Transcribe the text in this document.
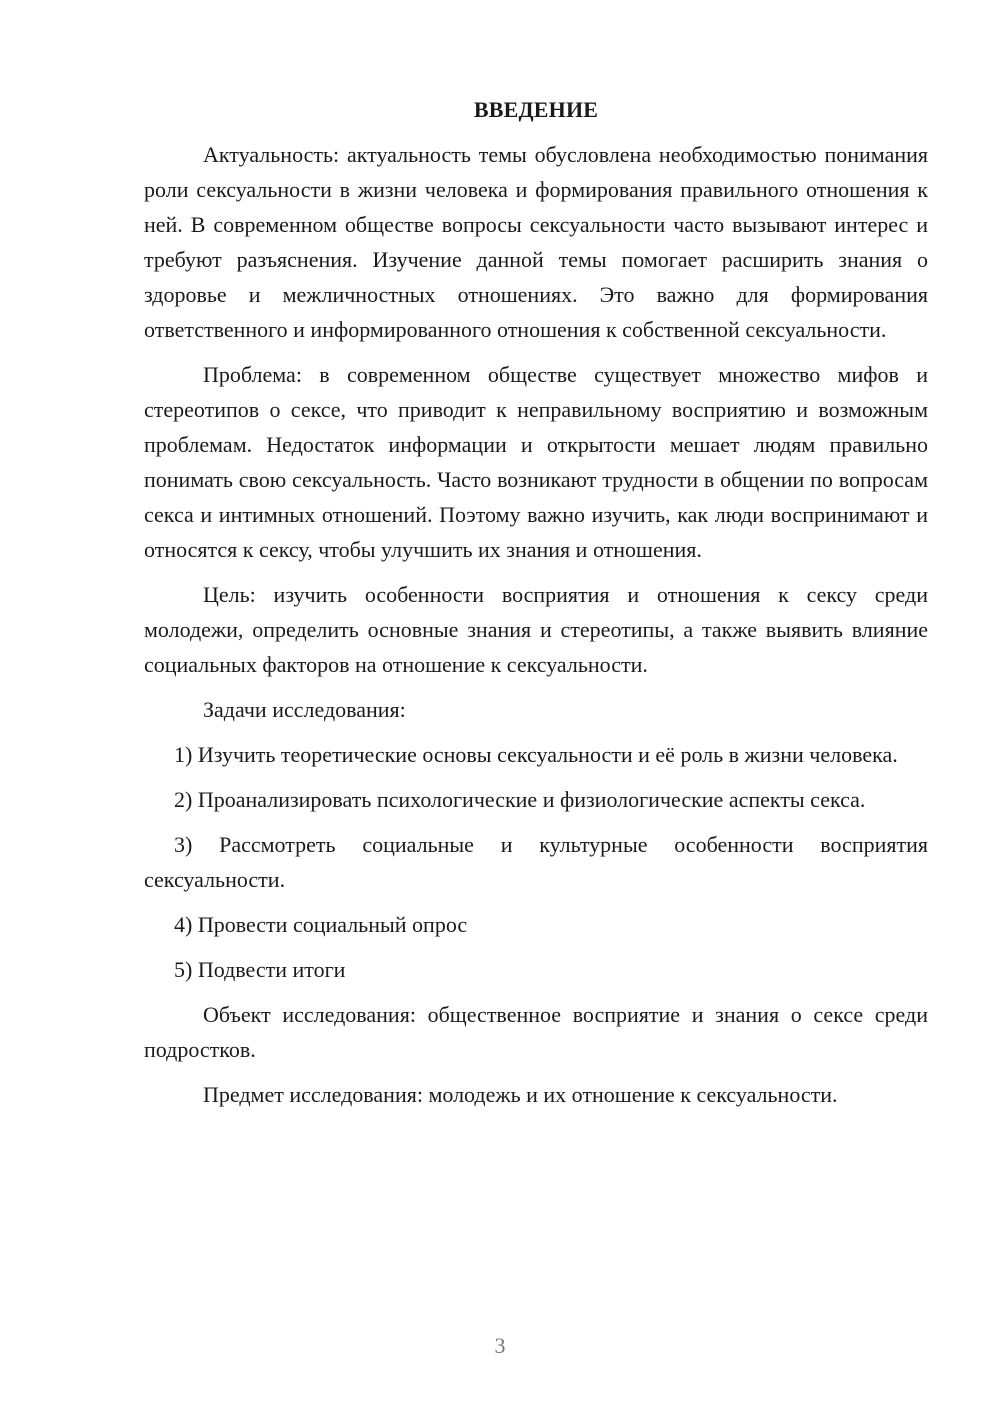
ВВЕДЕНИЕ

Актуальность: актуальность темы обусловлена необходимостью понимания роли сексуальности в жизни человека и формирования правильного отношения к ней. В современном обществе вопросы сексуальности часто вызывают интерес и требуют разъяснения. Изучение данной темы помогает расширить знания о здоровье и межличностных отношениях. Это важно для формирования ответственного и информированного отношения к собственной сексуальности.

Проблема: в современном обществе существует множество мифов и стереотипов о сексе, что приводит к неправильному восприятию и возможным проблемам. Недостаток информации и открытости мешает людям правильно понимать свою сексуальность. Часто возникают трудности в общении по вопросам секса и интимных отношений. Поэтому важно изучить, как люди воспринимают и относятся к сексу, чтобы улучшить их знания и отношения.

Цель: изучить особенности восприятия и отношения к сексу среди молодежи, определить основные знания и стереотипы, а также выявить влияние социальных факторов на отношение к сексуальности.

Задачи исследования:

1) Изучить теоретические основы сексуальности и её роль в жизни человека.

2) Проанализировать психологические и физиологические аспекты секса.

3) Рассмотреть социальные и культурные особенности восприятия сексуальности.

4) Провести социальный опрос

5) Подвести итоги

Объект исследования: общественное восприятие и знания о сексе среди подростков.

Предмет исследования: молодежь и их отношение к сексуальности.

3
